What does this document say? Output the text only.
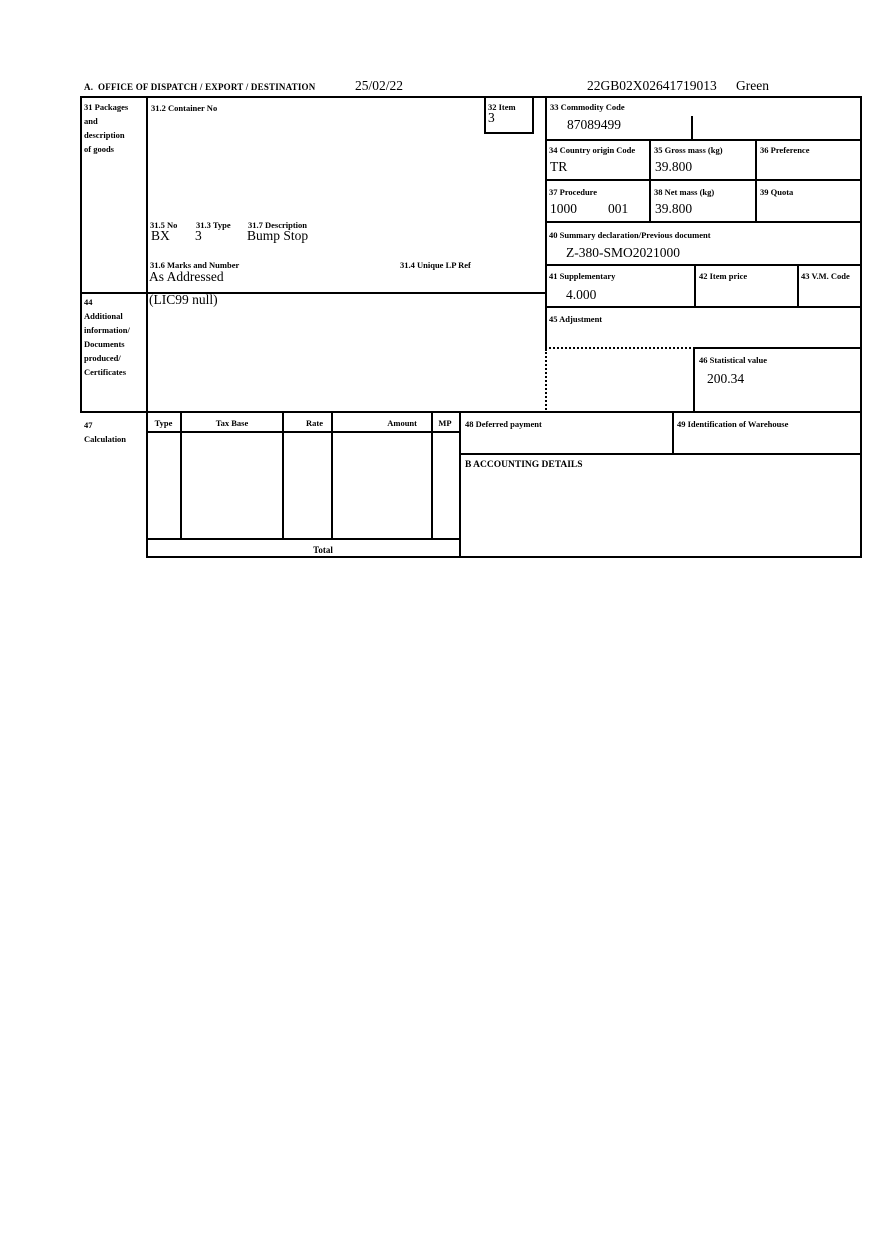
A.  OFFICE OF DISPATCH / EXPORT / DESTINATION	25/02/22	22GB02X02641719013 Green
31 Packages
and
description
of goods
31.2 Container No	32 Item
3
31.5 No 31.3 Type 31.7 Description
BX 3	Bump Stop
31.6 Marks and Number	31.4 Unique LP Ref
As Addressed
33 Commodity Code
87089499
34 Country origin Code
TR
35 Gross mass (kg)
39.800
36 Preference
37 Procedure
1000 001
38 Net mass (kg)
39.800
39 Quota
40 Summary declaration/Previous document
Z-380-SMO2021000
41 Supplementary
4.000
42 Item price	43 V.M. Code
45 Adjustment
46 Statistical value
200.34
44
Additional
information/
Documents
produced/
Certificates
(LIC99 null)
47
Calculation
Type	Tax Base	Rate	Amount	MP
Total
48 Deferred payment	49 Identification of Warehouse
B ACCOUNTING DETAILS
